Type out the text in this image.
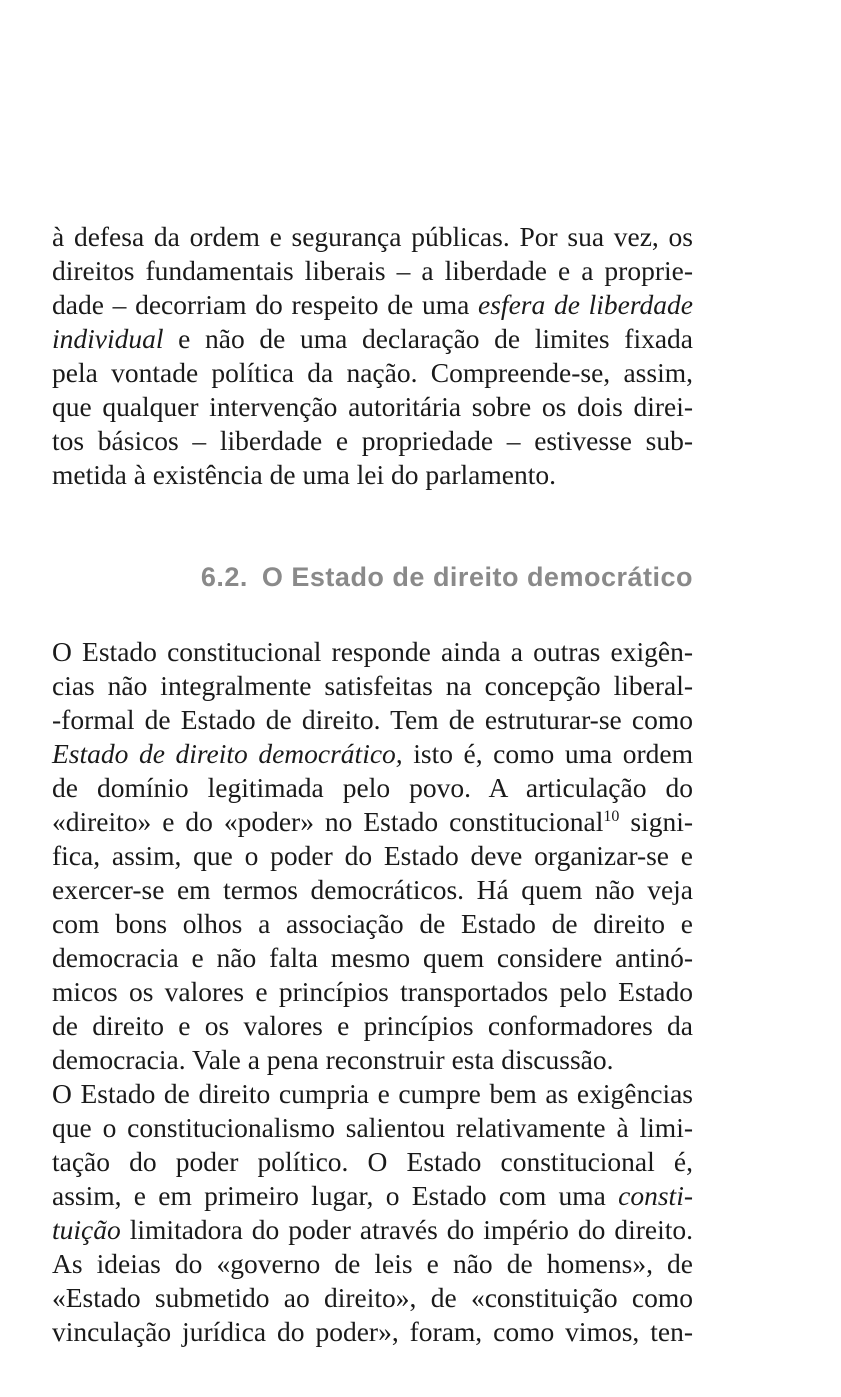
à defesa da ordem e segurança públicas. Por sua vez, os
direitos fundamentais liberais – a liberdade e a proprie-
dade – decorriam do respeito de uma esfera de liberdade
individual e não de uma declaração de limites fixada
pela vontade política da nação. Compreende-se, assim,
que qualquer intervenção autoritária sobre os dois direi-
tos básicos – liberdade e propriedade – estivesse sub-
metida à existência de uma lei do parlamento.

6.2. O Estado de direito democrático

O Estado constitucional responde ainda a outras exigên-
cias não integralmente satisfeitas na concepção liberal-
-formal de Estado de direito. Tem de estruturar-se como
Estado de direito democrático, isto é, como uma ordem
de domínio legitimada pelo povo. A articulação do
«direito» e do «poder» no Estado constitucional$^{10}$ signi-
fica, assim, que o poder do Estado deve organizar-se e
exercer-se em termos democráticos. Há quem não veja
com bons olhos a associação de Estado de direito e
democracia e não falta mesmo quem considere antinó-
micos os valores e princípios transportados pelo Estado
de direito e os valores e princípios conformadores da
democracia. Vale a pena reconstruir esta discussão.

O Estado de direito cumpria e cumpre bem as exigências
que o constitucionalismo salientou relativamente à limi-
tação do poder político. O Estado constitucional é,
assim, e em primeiro lugar, o Estado com uma consti-
tuição limitadora do poder através do império do direito.
As ideias do «governo de leis e não de homens», de
«Estado submetido ao direito», de «constituição como
vinculação jurídica do poder», foram, como vimos, ten-
